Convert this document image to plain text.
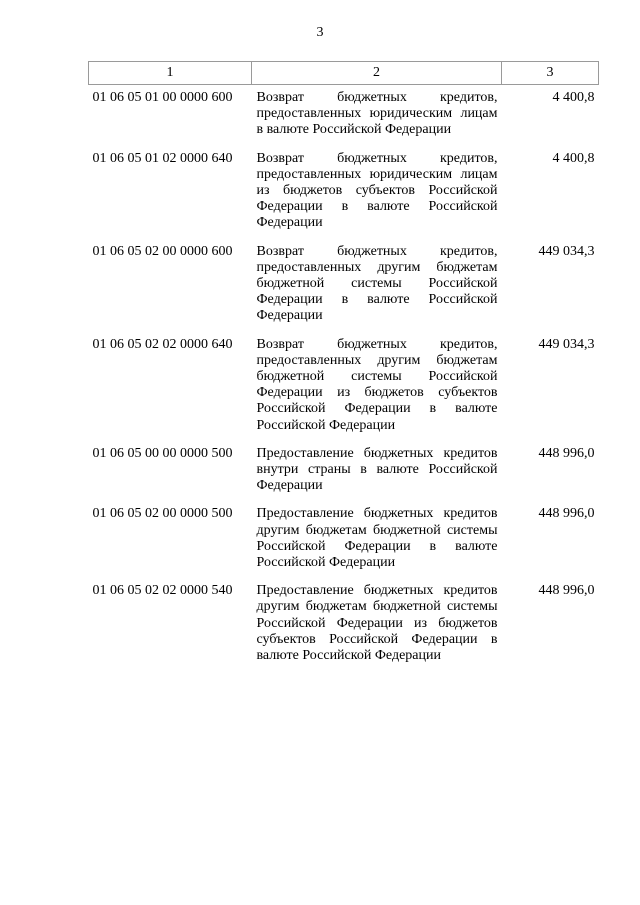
3
1	2	3
01 06 05 01 00 0000 600	Возврат бюджетных кредитов, предоставленных юридическим лицам в валюте Российской Федерации	4 400,8
01 06 05 01 02 0000 640	Возврат бюджетных кредитов, предоставленных юридическим лицам из бюджетов субъектов Российской Федерации в валюте Российской Федерации	4 400,8
01 06 05 02 00 0000 600	Возврат бюджетных кредитов, предоставленных другим бюджетам бюджетной системы Российской Федерации в валюте Российской Федерации	449 034,3
01 06 05 02 02 0000 640	Возврат бюджетных кредитов, предоставленных другим бюджетам бюджетной системы Российской Федерации из бюджетов субъектов Российской Федерации в валюте Российской Федерации	449 034,3
01 06 05 00 00 0000 500	Предоставление бюджетных кредитов внутри страны в валюте Российской Федерации	448 996,0
01 06 05 02 00 0000 500	Предоставление бюджетных кредитов другим бюджетам бюджетной системы Российской Федерации в валюте Российской Федерации	448 996,0
01 06 05 02 02 0000 540	Предоставление бюджетных кредитов другим бюджетам бюджетной системы Российской Федерации из бюджетов субъектов Российской Федерации в валюте Российской Федерации	448 996,0
